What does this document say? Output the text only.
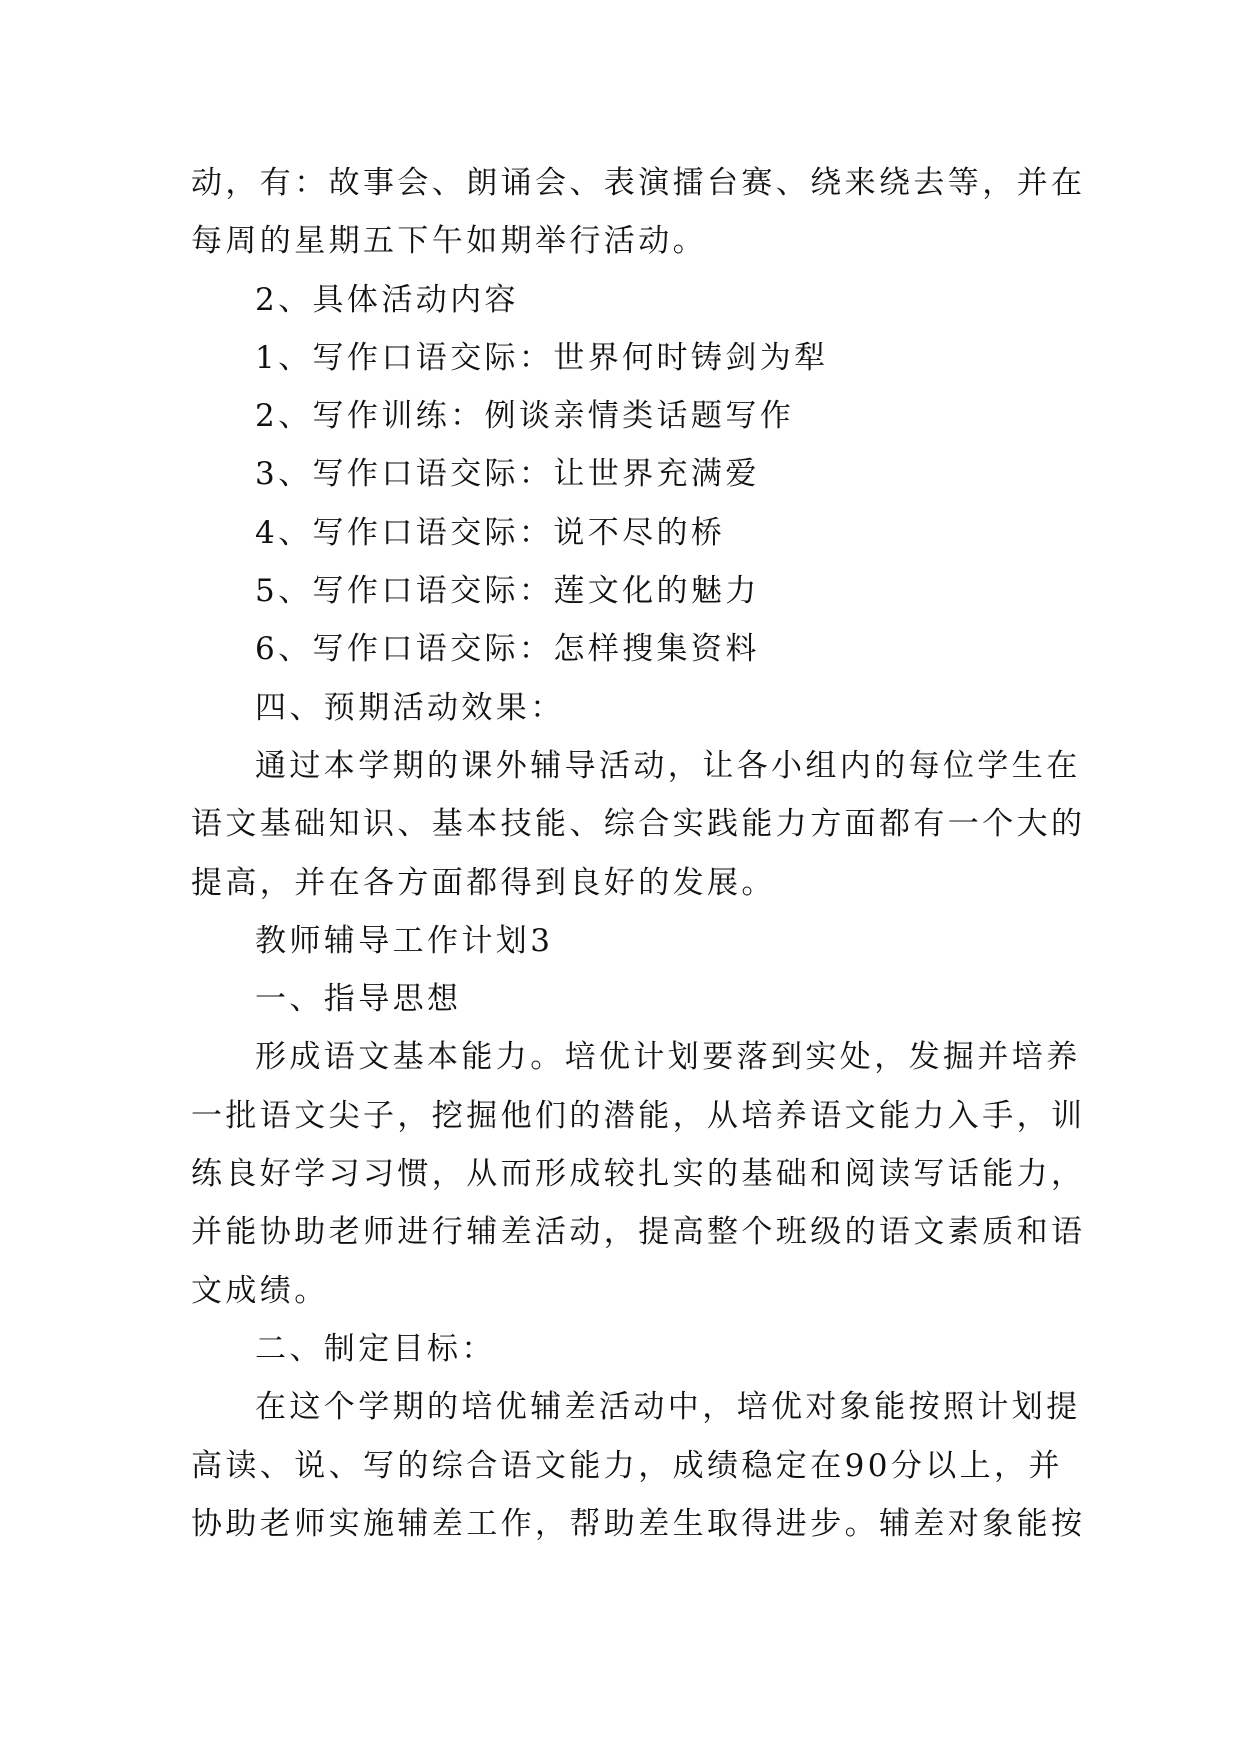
动，有：故事会、朗诵会、表演擂台赛、绕来绕去等，并在
每周的星期五下午如期举行活动。
2、具体活动内容
1、写作口语交际：世界何时铸剑为犁
2、写作训练：例谈亲情类话题写作
3、写作口语交际：让世界充满爱
4、写作口语交际：说不尽的桥
5、写作口语交际：莲文化的魅力
6、写作口语交际：怎样搜集资料
四、预期活动效果：
通过本学期的课外辅导活动，让各小组内的每位学生在
语文基础知识、基本技能、综合实践能力方面都有一个大的
提高，并在各方面都得到良好的发展。
教师辅导工作计划3
一、指导思想
形成语文基本能力。培优计划要落到实处，发掘并培养
一批语文尖子，挖掘他们的潜能，从培养语文能力入手，训
练良好学习习惯，从而形成较扎实的基础和阅读写话能力，
并能协助老师进行辅差活动，提高整个班级的语文素质和语
文成绩。
二、制定目标：
在这个学期的培优辅差活动中，培优对象能按照计划提
高读、说、写的综合语文能力，成绩稳定在90分以上，并
协助老师实施辅差工作，帮助差生取得进步。辅差对象能按
